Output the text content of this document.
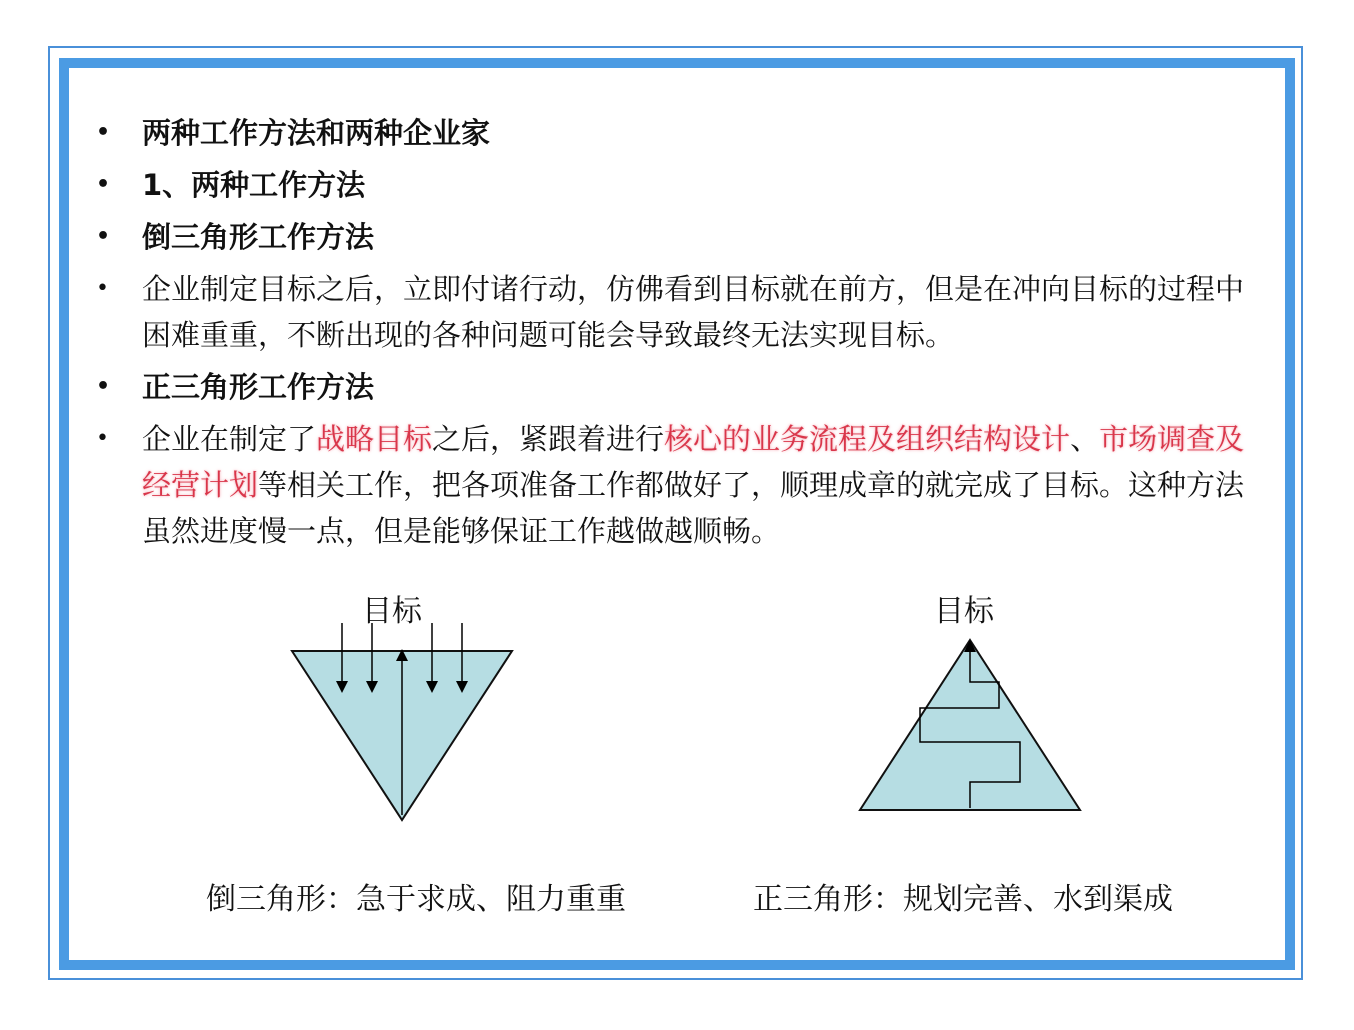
• 两种工作方法和两种企业家
• 1、两种工作方法
• 倒三角形工作方法
• 企业制定目标之后，立即付诸行动，仿佛看到目标就在前方，但是在冲向目标的过程中困难重重，不断出现的各种问题可能会导致最终无法实现目标。
• 正三角形工作方法
• 企业在制定了战略目标之后，紧跟着进行核心的业务流程及组织结构设计、市场调查及经营计划等相关工作，把各项准备工作都做好了，顺理成章的就完成了目标。这种方法虽然进度慢一点，但是能够保证工作越做越顺畅。
目标
倒三角形：急于求成、阻力重重
目标
正三角形：规划完善、水到渠成
